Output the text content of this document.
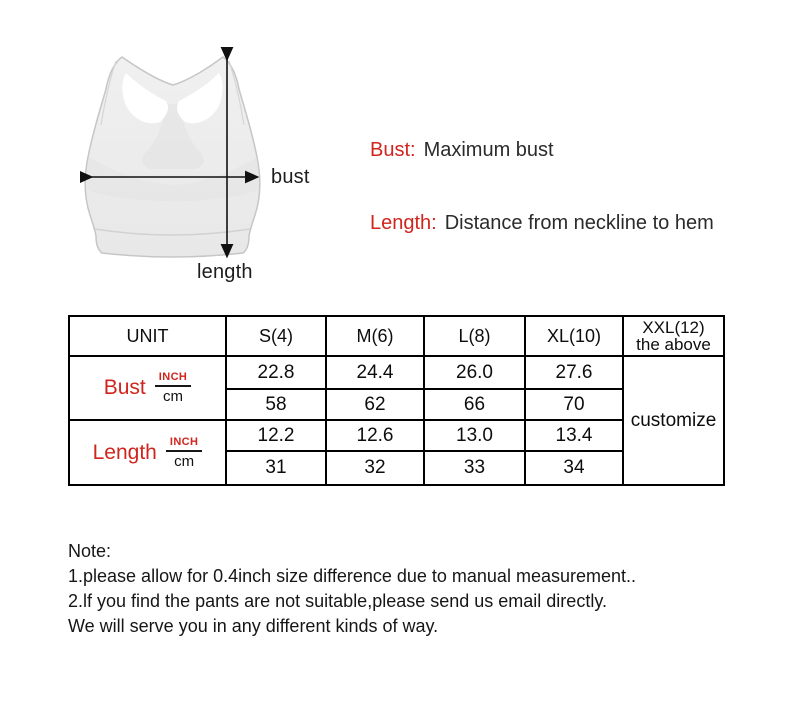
bust
length
Bust: Maximum bust
Length: Distance from neckline to hem
UNIT	S(4)	M(6)	L(8)	XL(10)	XXL(12)
the above

Bust $\frac{\text{INCH}}{cm}$	22.8	24.4	26.0	27.6	customize
	58	62	66	70	

Length $\frac{\text{INCH}}{cm}$	12.2	12.6	13.0	13.4	
	31	32	33	34	
Note:
1.please allow for 0.4inch size difference due to manual measurement..
2.lf you find the pants are not suitable,please send us email directly.
We will serve you in any different kinds of way.
